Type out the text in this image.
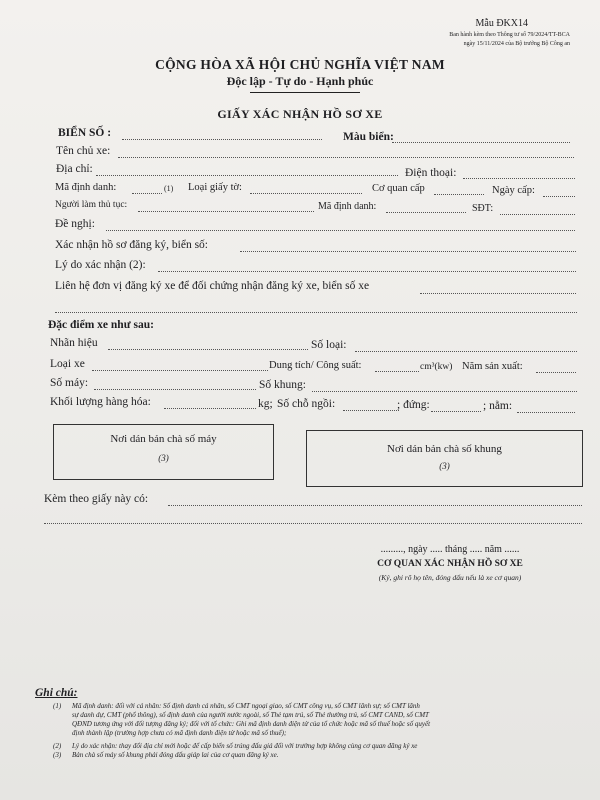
Mẫu ĐKX14
Ban hành kèm theo Thông tư số 79/2024/TT-BCA
ngày 15/11/2024 của Bộ trưởng Bộ Công an
CỘNG HÒA XÃ HỘI CHỦ NGHĨA VIỆT NAM
Độc lập - Tự do - Hạnh phúc
GIẤY XÁC NHẬN HỒ SƠ XE
BIỂN SỐ :	Màu biển:
Tên chủ xe:
Địa chỉ:	Điện thoại:
Mã định danh:	(1) Loại giấy tờ:	Cơ quan cấp	Ngày cấp:
Người làm thủ tục:	Mã định danh:	SĐT:
Đề nghị:
Xác nhận hồ sơ đăng ký, biển số:
Lý do xác nhận (2):
Liên hệ đơn vị đăng ký xe để đối chứng nhận đăng ký xe, biển số xe
Đặc điểm xe như sau:
Nhãn hiệu	Số loại:
Loại xe	Dung tích/ Công suất:	cm³(kw) Năm sản xuất:
Số máy:	Số khung:
Khối lượng hàng hóa:	kg; Số chỗ ngồi:	; đứng:	; nằm:
Nơi dán bản chà số máy
(3)
Nơi dán bản chà số khung
(3)
Kèm theo giấy này có:
........., ngày ..... tháng ..... năm ......
CƠ QUAN XÁC NHẬN HỒ SƠ XE
(Ký, ghi rõ họ tên, đóng dấu nếu là xe cơ quan)
Ghi chú:
(1) Mã định danh: đối với cá nhân: Số định danh cá nhân, số CMT ngoại giao, số CMT công vụ, số CMT lãnh sự; số CMT lãnh
sự danh dự, CMT (phổ thông), số định danh của người nước ngoài, số Thẻ tạm trú, số Thẻ thường trú, số CMT CAND, số CMT
QĐND tương ứng với đối tượng đăng ký; đối với tổ chức: Ghi mã định danh điện tử của tổ chức hoặc mã số thuế hoặc số quyết
định thành lập (trường hợp chưa có mã định danh điện tử hoặc mã số thuế);
(2) Lý do xác nhận: thay đổi địa chỉ mới hoặc để cấp biển số trúng đấu giá đổi với trường hợp không cùng cơ quan đăng ký xe
(3) Bản chà số máy số khung phải đóng dấu giáp lai của cơ quan đăng ký xe.
